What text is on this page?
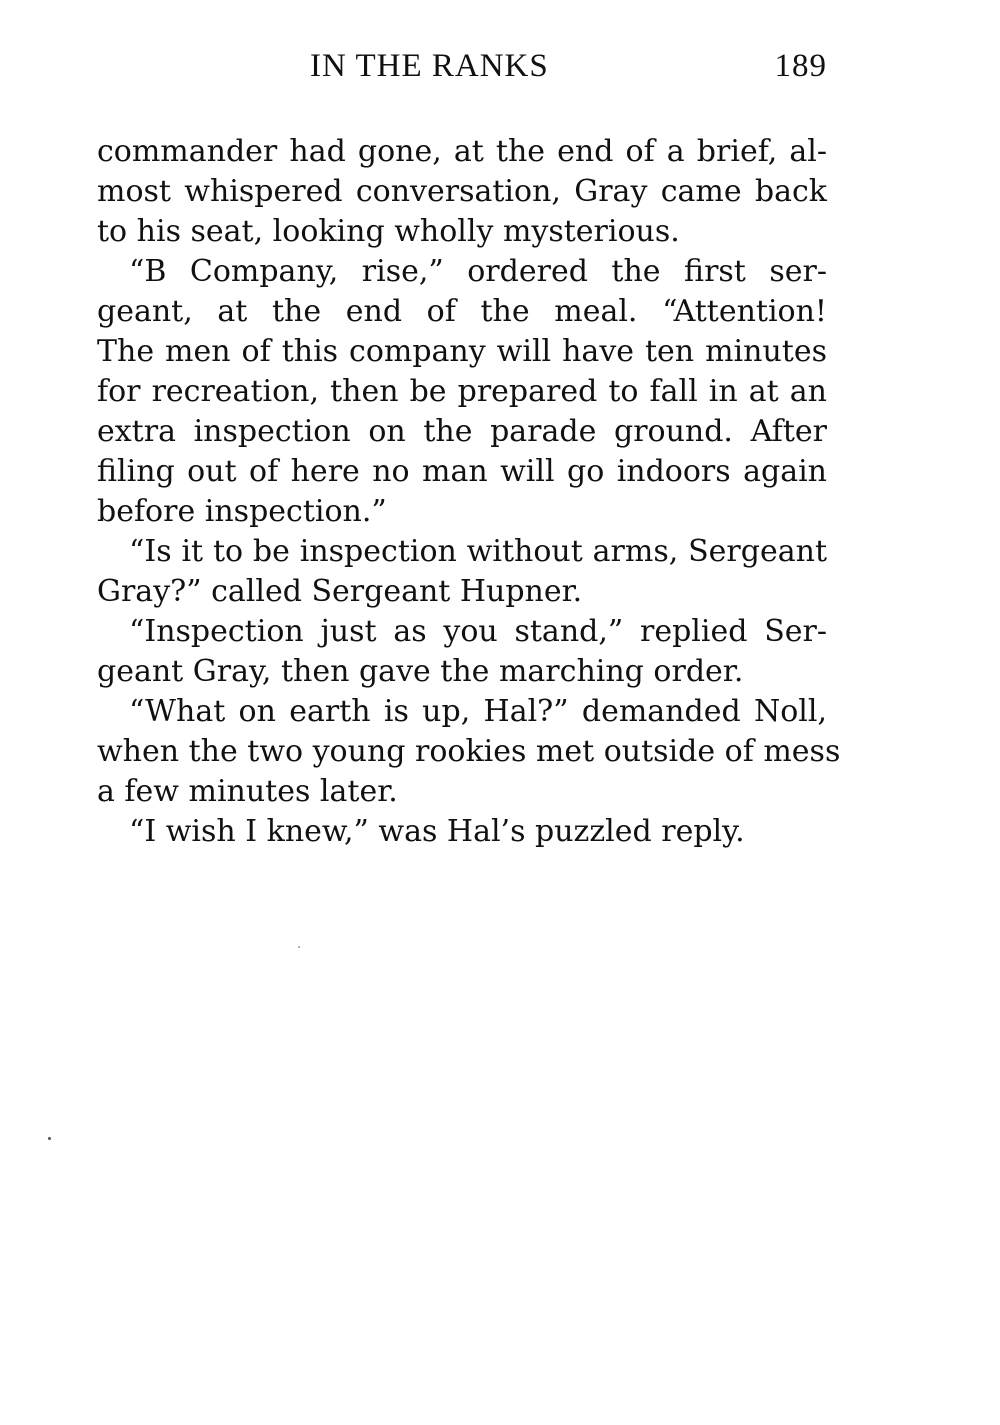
IN THE RANKS	189
commander had gone, at the end of a brief, al-
most whispered conversation, Gray came back
to his seat, looking wholly mysterious.
“B Company, rise,” ordered the first ser-
geant, at the end of the meal. “Attention!
The men of this company will have ten minutes
for recreation, then be prepared to fall in at an
extra inspection on the parade ground. After
filing out of here no man will go indoors again
before inspection.”
“Is it to be inspection without arms, Sergeant
Gray?” called Sergeant Hupner.
“Inspection just as you stand,” replied Ser-
geant Gray, then gave the marching order.
“What on earth is up, Hal?” demanded Noll,
when the two young rookies met outside of mess
a few minutes later.
“I wish I knew,” was Hal’s puzzled reply.
